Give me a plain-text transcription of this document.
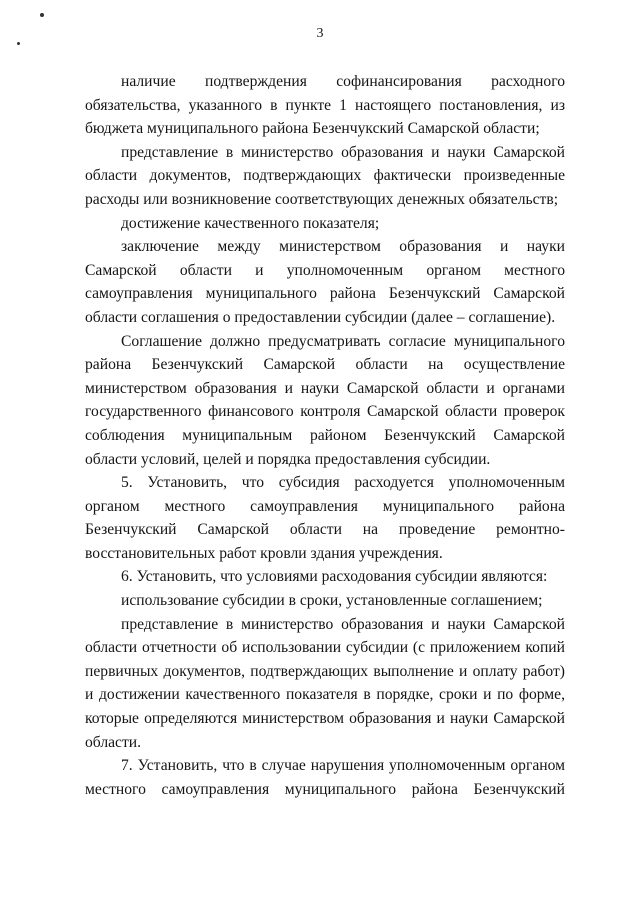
3

наличие подтверждения софинансирования расходного обязательства, указанного в пункте 1 настоящего постановления, из бюджета муниципального района Безенчукский Самарской области;

представление в министерство образования и науки Самарской области документов, подтверждающих фактически произведенные расходы или возникновение соответствующих денежных обязательств;

достижение качественного показателя;

заключение между министерством образования и науки Самарской области и уполномоченным органом местного самоуправления муниципального района Безенчукский Самарской области соглашения о предоставлении субсидии (далее – соглашение).

Соглашение должно предусматривать согласие муниципального района Безенчукский Самарской области на осуществление министерством образования и науки Самарской области и органами государственного финансового контроля Самарской области проверок соблюдения муниципальным районом Безенчукский Самарской области условий, целей и порядка предоставления субсидии.

5. Установить, что субсидия расходуется уполномоченным органом местного самоуправления муниципального района Безенчукский Самарской области на проведение ремонтно-восстановительных работ кровли здания учреждения.

6. Установить, что условиями расходования субсидии являются:

использование субсидии в сроки, установленные соглашением;

представление в министерство образования и науки Самарской области отчетности об использовании субсидии (с приложением копий первичных документов, подтверждающих выполнение и оплату работ) и достижении качественного показателя в порядке, сроки и по форме, которые определяются министерством образования и науки Самарской области.

7. Установить, что в случае нарушения уполномоченным органом местного самоуправления муниципального района Безенчукский
